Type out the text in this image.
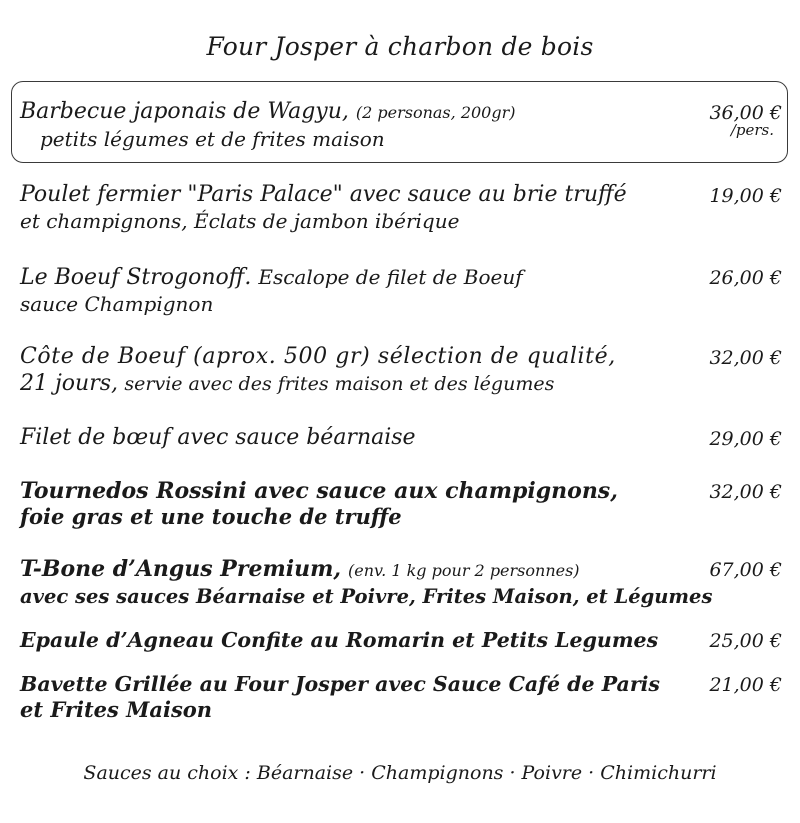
Four Josper à charbon de bois
Barbecue japonais de Wagyu, (2 personas, 200gr)
petits légumes et de frites maison
36,00 €
/pers.
Poulet fermier "Paris Palace" avec sauce au brie truffé
et champignons, Éclats de jambon ibérique
19,00 €
Le Boeuf Strogonoff. Escalope de filet de Boeuf
sauce Champignon
26,00 €
Côte de Boeuf (aprox. 500 gr) sélection de qualité,
21 jours, servie avec des frites maison et des légumes
32,00 €
Filet de bœuf avec sauce béarnaise	29,00 €
Tournedos Rossini avec sauce aux champignons,
foie gras et une touche de truffe
32,00 €
T-Bone d’Angus Premium, (env. 1 kg pour 2 personnes)
avec ses sauces Béarnaise et Poivre, Frites Maison, et Légumes
67,00 €
Epaule d’Agneau Confite au Romarin et Petits Legumes	25,00 €
Bavette Grillée au Four Josper avec Sauce Café de Paris
et Frites Maison
21,00 €
Sauces au choix : Béarnaise · Champignons · Poivre · Chimichurri
